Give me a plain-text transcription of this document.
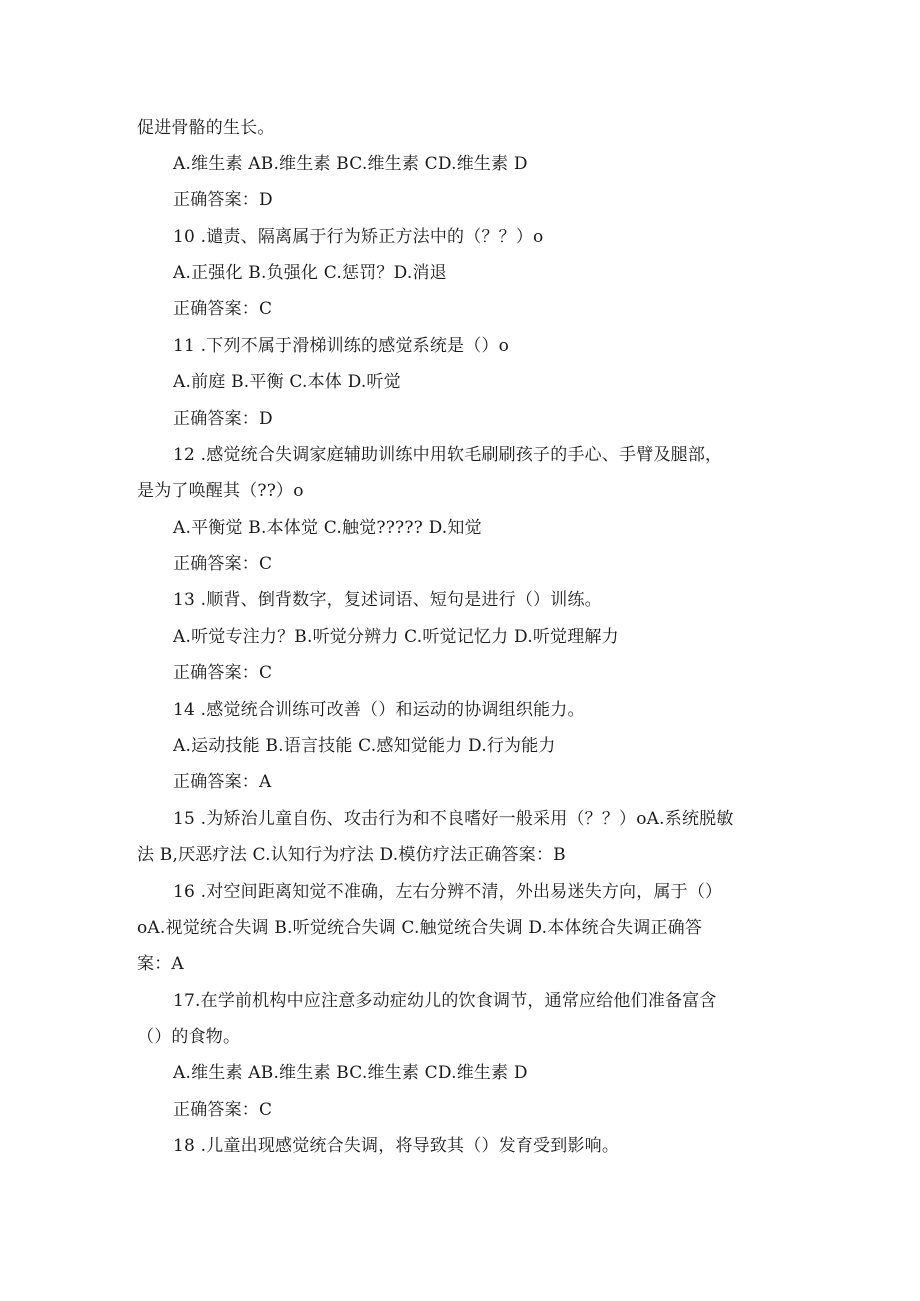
促进骨骼的生长。
A.维生素 AB.维生素 BC.维生素 CD.维生素 D
正确答案：D
10 .谴责、隔离属于行为矫正方法中的（？？）o
A.正强化 B.负强化 C.惩罚？D.消退
正确答案：C
11 .下列不属于滑梯训练的感觉系统是（）o
A.前庭 B.平衡 C.本体 D.听觉
正确答案：D
12 .感觉统合失调家庭辅助训练中用软毛刷刷孩子的手心、手臂及腿部，
是为了唤醒其（??）o
A.平衡觉 B.本体觉 C.触觉????? D.知觉
正确答案：C
13 .顺背、倒背数字，复述词语、短句是进行（）训练。
A.听觉专注力？B.听觉分辨力 C.听觉记忆力 D.听觉理解力
正确答案：C
14 .感觉统合训练可改善（）和运动的协调组织能力。
A.运动技能 B.语言技能 C.感知觉能力 D.行为能力
正确答案：A
15 .为矫治儿童自伤、攻击行为和不良嗜好一般采用（？？）oA.系统脱敏
法 B,厌恶疗法 C.认知行为疗法 D.模仿疗法正确答案：B
16 .对空间距离知觉不准确，左右分辨不清，外出易迷失方向，属于（）
oA.视觉统合失调 B.听觉统合失调 C.触觉统合失调 D.本体统合失调正确答
案：A
17.在学前机构中应注意多动症幼儿的饮食调节，通常应给他们准备富含
（）的食物。
A.维生素 AB.维生素 BC.维生素 CD.维生素 D
正确答案：C
18 .儿童出现感觉统合失调，将导致其（）发育受到影响。
